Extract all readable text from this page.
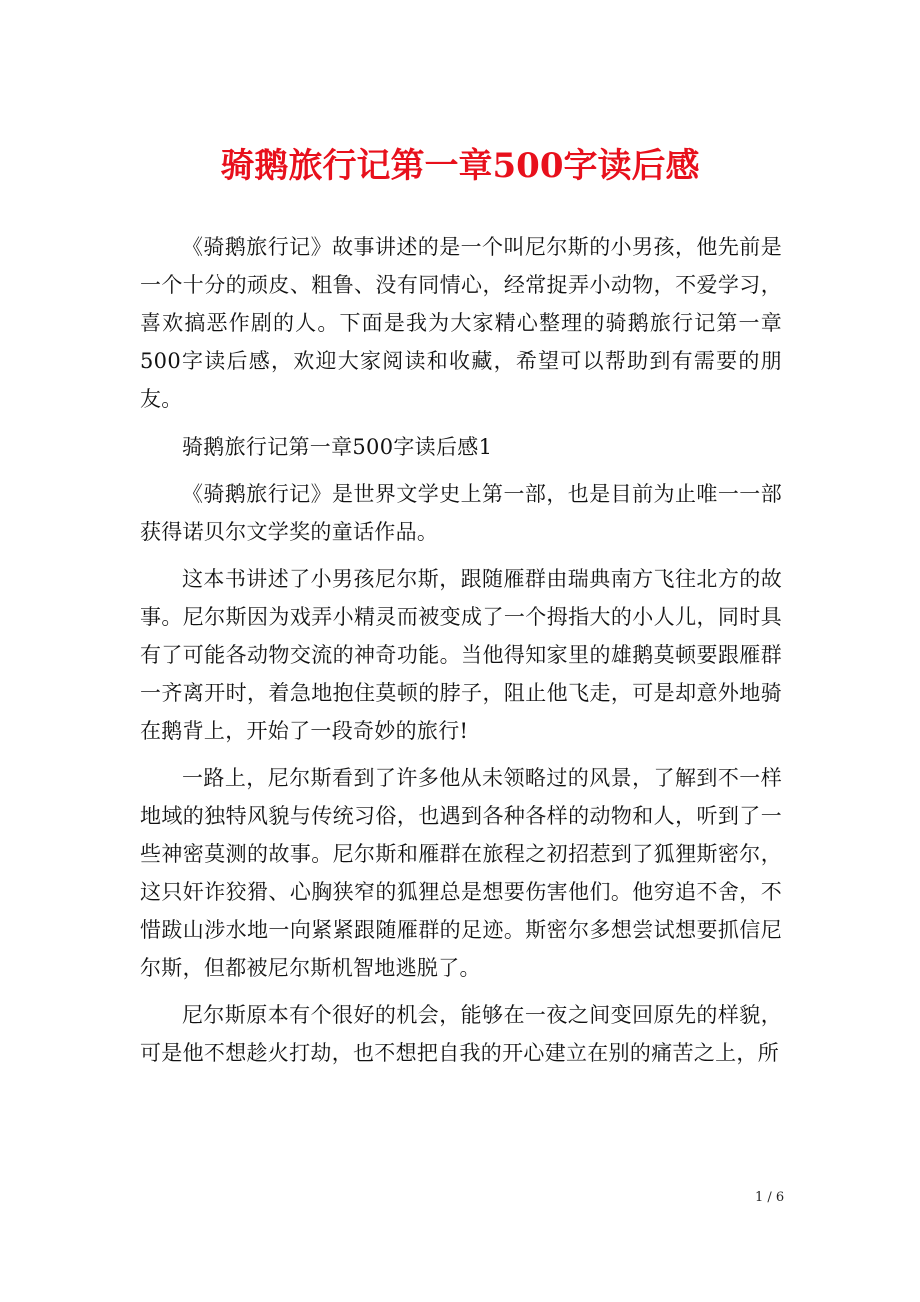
骑鹅旅行记第一章500字读后感

《骑鹅旅行记》故事讲述的是一个叫尼尔斯的小男孩，他先前是一个十分的顽皮、粗鲁、没有同情心，经常捉弄小动物，不爱学习，喜欢搞恶作剧的人。下面是我为大家精心整理的骑鹅旅行记第一章500字读后感，欢迎大家阅读和收藏，希望可以帮助到有需要的朋友。

骑鹅旅行记第一章500字读后感1

《骑鹅旅行记》是世界文学史上第一部，也是目前为止唯一一部获得诺贝尔文学奖的童话作品。

这本书讲述了小男孩尼尔斯，跟随雁群由瑞典南方飞往北方的故事。尼尔斯因为戏弄小精灵而被变成了一个拇指大的小人儿，同时具有了可能各动物交流的神奇功能。当他得知家里的雄鹅莫顿要跟雁群一齐离开时，着急地抱住莫顿的脖子，阻止他飞走，可是却意外地骑在鹅背上，开始了一段奇妙的旅行!

一路上，尼尔斯看到了许多他从未领略过的风景，了解到不一样地域的独特风貌与传统习俗，也遇到各种各样的动物和人，听到了一些神密莫测的故事。尼尔斯和雁群在旅程之初招惹到了狐狸斯密尔，这只奸诈狡猾、心胸狭窄的狐狸总是想要伤害他们。他穷追不舍，不惜跋山涉水地一向紧紧跟随雁群的足迹。斯密尔多想尝试想要抓信尼尔斯，但都被尼尔斯机智地逃脱了。

尼尔斯原本有个很好的机会，能够在一夜之间变回原先的样貌，可是他不想趁火打劫，也不想把自我的开心建立在别的痛苦之上，所

1 / 6
